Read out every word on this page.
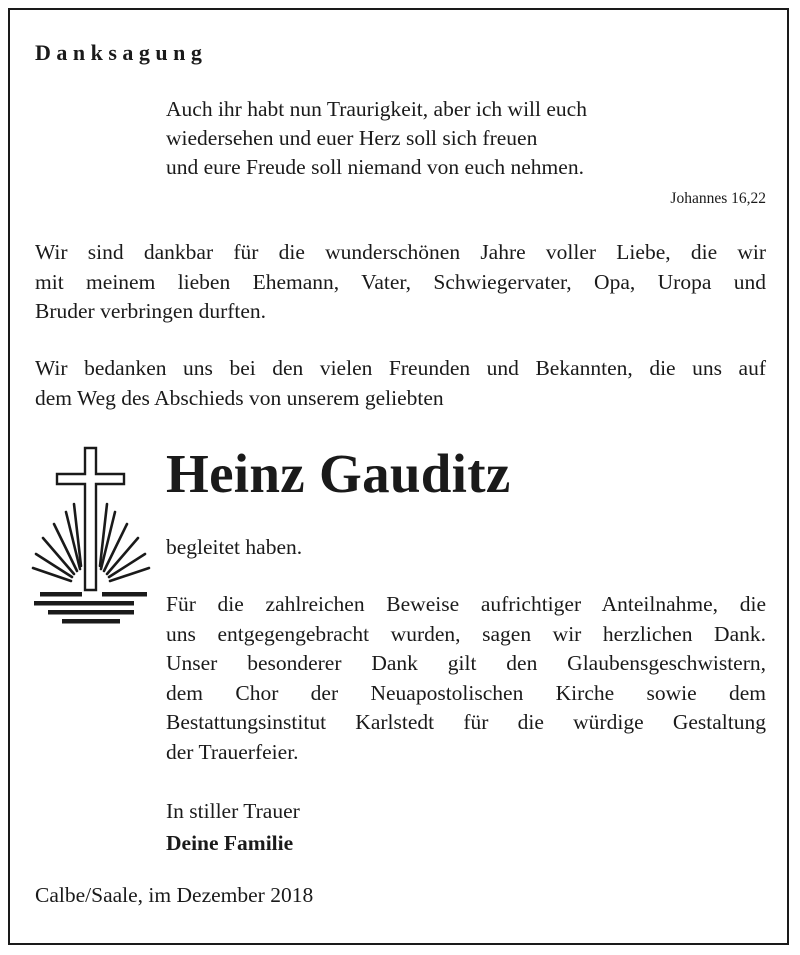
Danksagung
Auch ihr habt nun Traurigkeit, aber ich will euch
wiedersehen und euer Herz soll sich freuen
und eure Freude soll niemand von euch nehmen.
Johannes 16,22
Wir sind dankbar für die wunderschönen Jahre voller Liebe, die wir
mit meinem lieben Ehemann, Vater, Schwiegervater, Opa, Uropa und
Bruder verbringen durften.
Wir bedanken uns bei den vielen Freunden und Bekannten, die uns auf
dem Weg des Abschieds von unserem geliebten
Heinz Gauditz
begleitet haben.
Für die zahlreichen Beweise aufrichtiger Anteilnahme, die
uns entgegengebracht wurden, sagen wir herzlichen Dank.
Unser besonderer Dank gilt den Glaubensgeschwistern,
dem Chor der Neuapostolischen Kirche sowie dem
Bestattungsinstitut Karlstedt für die würdige Gestaltung
der Trauerfeier.
In stiller Trauer
Deine Familie
Calbe/Saale, im Dezember 2018
